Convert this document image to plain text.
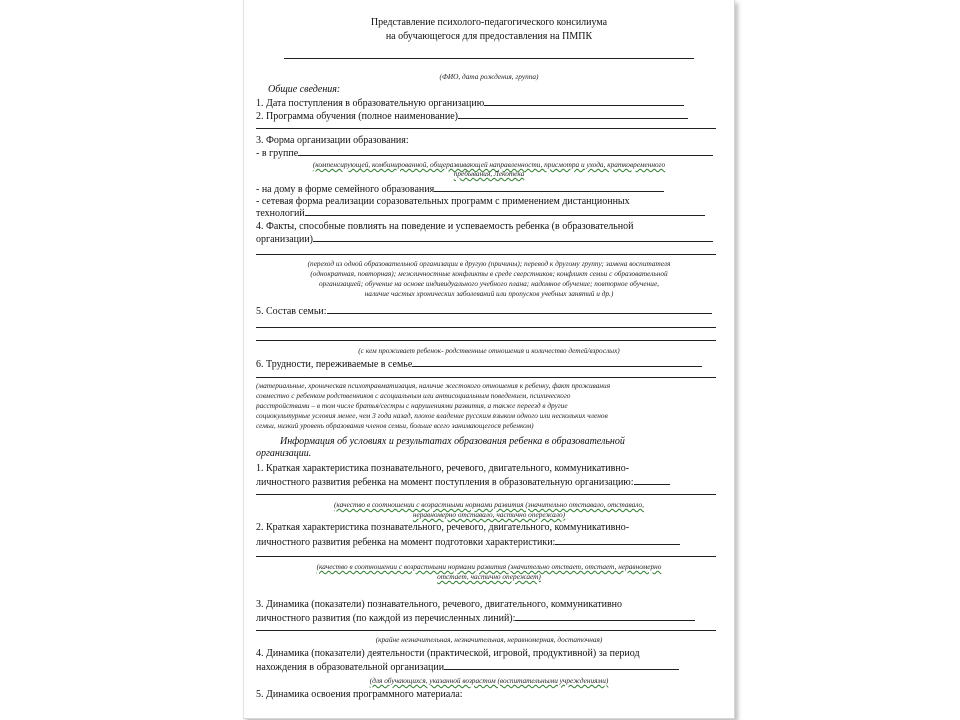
Представление психолого-педагогического консилиума
на обучающегося для предоставления на ПМПК
(ФИО, дата рождения, группа)
Общие сведения:
1. Дата поступления в образовательную организацию
2. Программа обучения (полное наименование)
3. Форма организации образования:
- в группе
(компенсирующей, комбинированной, общеразвивающей направленности, присмотра и ухода, кратковременного
пребывания, Лекотека
- на дому в форме семейного образования
- сетевая форма реализации соразовательных программ с применением дистанционных
технологий
4. Факты, способные повлиять на поведение и успеваемость ребенка (в образовательной
организации)
(переход из одной образовательной организации в другую (причины); перевод к другому группу; замена воспитателя
(однократная, повторная); межличностные конфликты в среде сверстников; конфликт семьи с образовательной
организацией; обучение на основе индивидуального учебного плана; надомное обучение; повторное обучение,
наличие частых хронических заболеваний или пропусков учебных занятий и др.)
5. Состав семьи:
(с кем проживает ребенок- родственные отношения и количество детей/взрослых)
6. Трудности, переживаемые в семье
(материальные, хроническая психотравматизация, наличие жестокого отношения к ребенку, факт проживания
совместно с ребенком родственников с асоциальным или антисоциальным поведением, психического
расстройствами – в том числе братья/сестры с нарушениями развития, а также переезд в другие
социокультурные условия менее, чем 3 года назад, плохое владение русским языком одного или нескольких членов
семьи, низкий уровень образования членов семьи, больше всего занимающегося ребенком)
Информация об условиях и результатах образования ребенка в образовательной
организации.
1. Краткая характеристика познавательного, речевого, двигательного, коммуникативно-
личностного развития ребенка на момент поступления в образовательную организацию:
(качество в соотношении с возрастными нормами развития (значительно отставало, отставало,
неравномерно отставало, частично опережало)
2. Краткая характеристика познавательного, речевого, двигательного, коммуникативно-
личностного развития ребенка на момент подготовки характеристики:
(качество в соотношении с возрастными нормами развития (значительно отстает, отстает, неравномерно
отстает, частично опережает)
3. Динамика (показатели) познавательного, речевого, двигательного, коммуникативно
личностного развития (по каждой из перечисленных линий):
(крайне незначительная, незначительная, неравномерная, достаточная)
4. Динамика (показатели) деятельности (практической, игровой, продуктивной) за период
нахождения в образовательной организации
(для обучающихся, указанной возрастом (воспитательными учреждениями)
5. Динамика освоения программного материала:
